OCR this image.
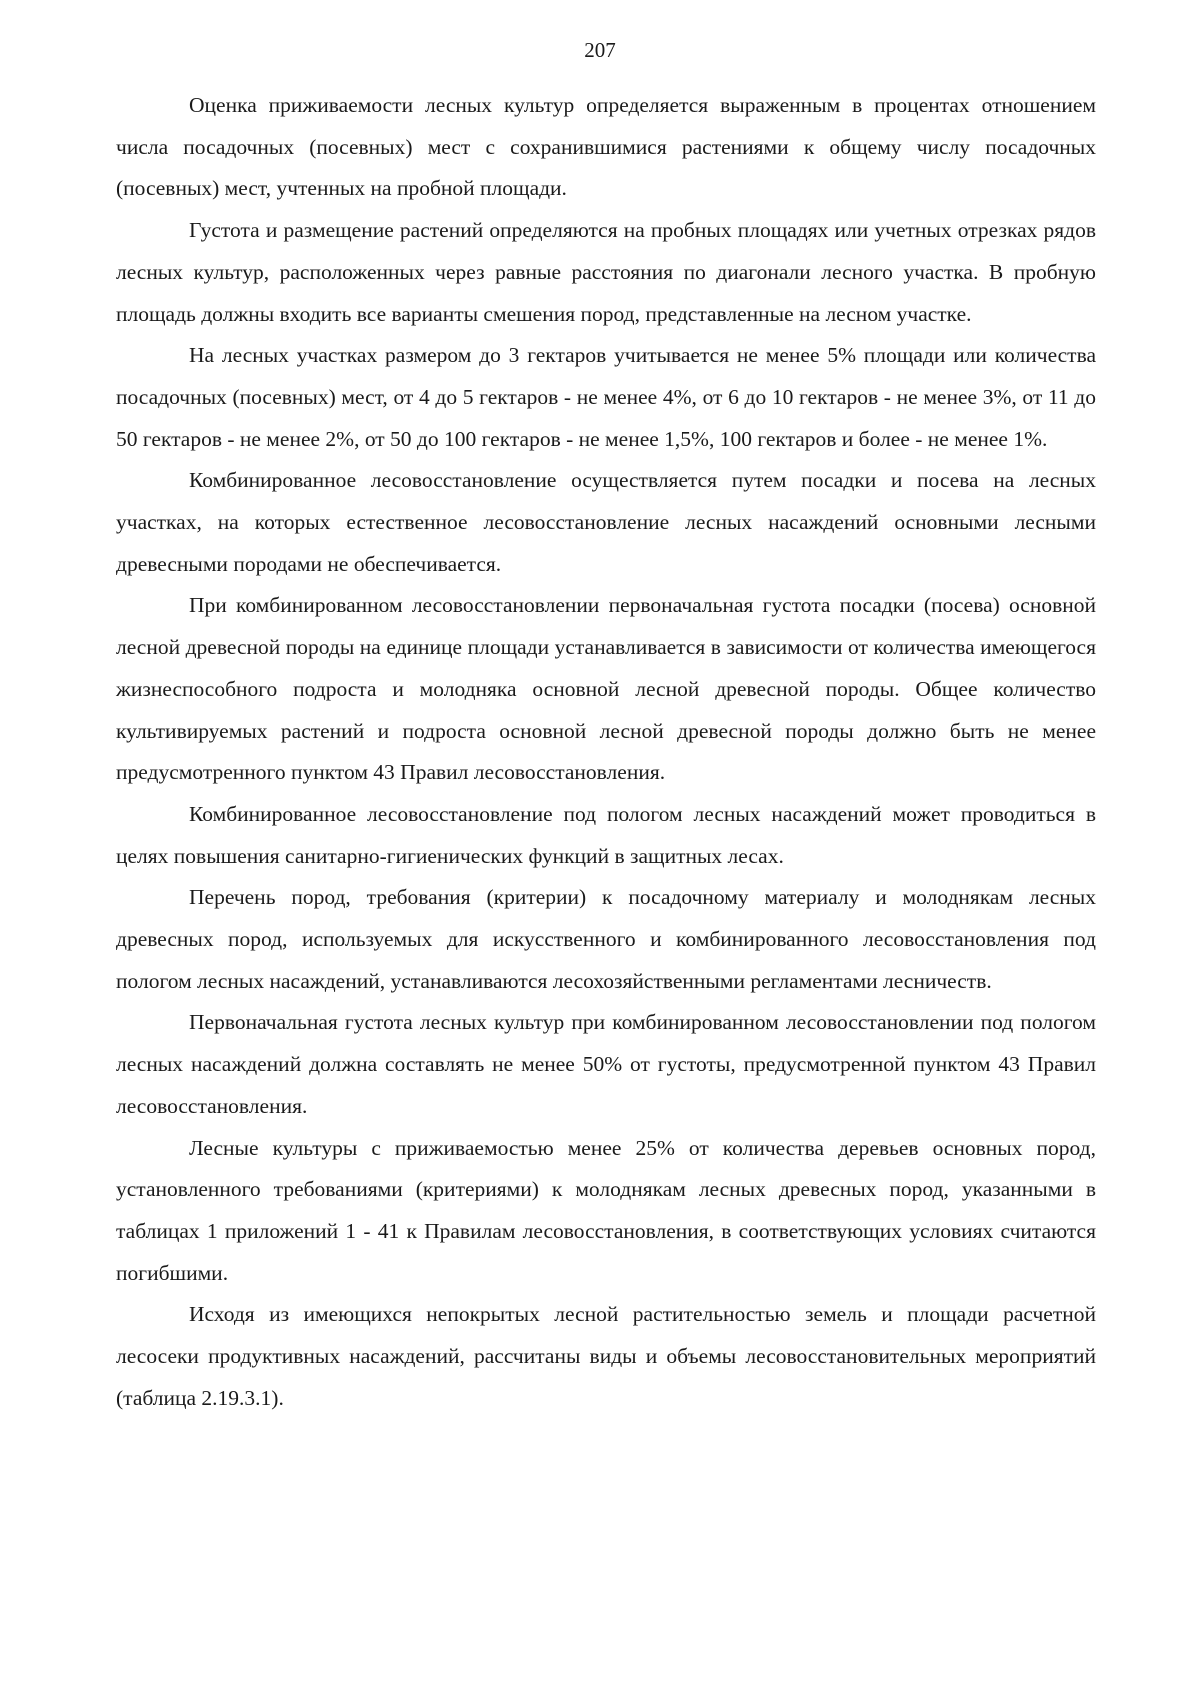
207

Оценка приживаемости лесных культур определяется выраженным в процентах отношением числа посадочных (посевных) мест с сохранившимися растениями к общему числу посадочных (посевных) мест, учтенных на пробной площади.

Густота и размещение растений определяются на пробных площадях или учетных отрезках рядов лесных культур, расположенных через равные расстояния по диагонали лесного участка. В пробную площадь должны входить все варианты смешения пород, представленные на лесном участке.

На лесных участках размером до 3 гектаров учитывается не менее 5% площади или количества посадочных (посевных) мест, от 4 до 5 гектаров - не менее 4%, от 6 до 10 гектаров - не менее 3%, от 11 до 50 гектаров - не менее 2%, от 50 до 100 гектаров - не менее 1,5%, 100 гектаров и более - не менее 1%.

Комбинированное лесовосстановление осуществляется путем посадки и посева на лесных участках, на которых естественное лесовосстановление лесных насаждений основными лесными древесными породами не обеспечивается.

При комбинированном лесовосстановлении первоначальная густота посадки (посева) основной лесной древесной породы на единице площади устанавливается в зависимости от количества имеющегося жизнеспособного подроста и молодняка основной лесной древесной породы. Общее количество культивируемых растений и подроста основной лесной древесной породы должно быть не менее предусмотренного пунктом 43 Правил лесовосстановления.

Комбинированное лесовосстановление под пологом лесных насаждений может проводиться в целях повышения санитарно-гигиенических функций в защитных лесах.

Перечень пород, требования (критерии) к посадочному материалу и молоднякам лесных древесных пород, используемых для искусственного и комбинированного лесовосстановления под пологом лесных насаждений, устанавливаются лесохозяйственными регламентами лесничеств.

Первоначальная густота лесных культур при комбинированном лесовосстановлении под пологом лесных насаждений должна составлять не менее 50% от густоты, предусмотренной пунктом 43 Правил лесовосстановления.

Лесные культуры с приживаемостью менее 25% от количества деревьев основных пород, установленного требованиями (критериями) к молоднякам лесных древесных пород, указанными в таблицах 1 приложений 1 - 41 к Правилам лесовосстановления, в соответствующих условиях считаются погибшими.

Исходя из имеющихся непокрытых лесной растительностью земель и площади расчетной лесосеки продуктивных насаждений, рассчитаны виды и объемы лесовосстановительных мероприятий (таблица 2.19.3.1).
